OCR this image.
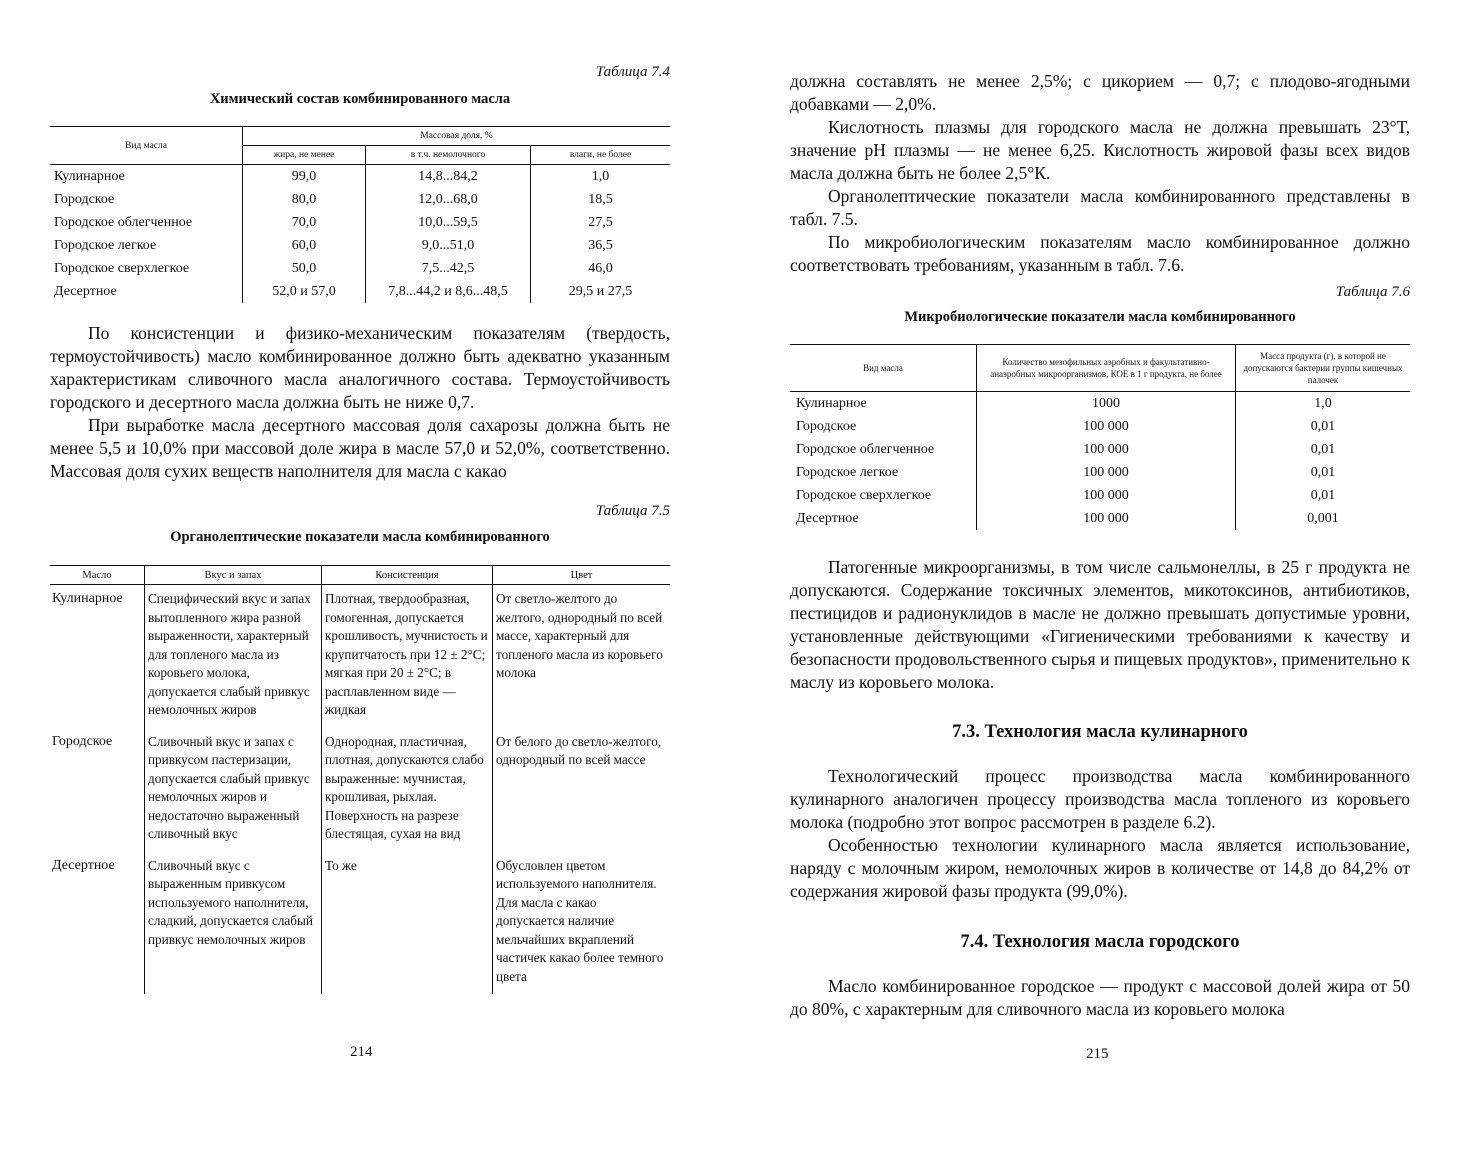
Таблица 7.4
Химический состав комбинированного масла
Вид масла	Массовая доля, %		
	жира, не менее	в т.ч. немолочного	влаги, не более
Кулинарное	99,0	14,8...84,2	1,0
Городское	80,0	12,0...68,0	18,5
Городское облегченное	70,0	10,0...59,5	27,5
Городское легкое	60,0	9,0...51,0	36,5
Городское сверхлегкое	50,0	7,5...42,5	46,0
Десертное	52,0 и 57,0	7,8...44,2 и 8,6...48,5	29,5 и 27,5

По консистенции и физико-механическим показателям (твердость, термоустойчивость) масло комбинированное должно быть адекватно указанным характеристикам сливочного масла аналогичного состава. Термоустойчивость городского и десертного масла должна быть не ниже 0,7.

При выработке масла десертного массовая доля сахарозы должна быть не менее 5,5 и 10,0% при массовой доле жира в масле 57,0 и 52,0%, соответственно. Массовая доля сухих веществ наполнителя для масла с какао

Таблица 7.5
Органолептические показатели масла комбинированного
Масло	Вкус и запах	Консистенция	Цвет
Кулинарное	Специфический вкус и запах вытопленного жира разной выраженности, характерный для топленого масла из коровьего молока, допускается слабый привкус немолочных жиров	Плотная, твердообразная, гомогенная, допускается крошливость, мучнистость и крупитчатость при 12 ± 2°С; мягкая при 20 ± 2°С; в расплавленном виде — жидкая	От светло-желтого до желтого, однородный по всей массе, характерный для топленого масла из коровьего молока
Городское	Сливочный вкус и запах с привкусом пастеризации, допускается слабый привкус немолочных жиров и недостаточно выраженный сливочный вкус	Однородная, пластичная, плотная, допускаются слабо выраженные: мучнистая, крошливая, рыхлая. Поверхность на разрезе блестящая, сухая на вид	От белого до светло-желтого, однородный по всей массе
Десертное	Сливочный вкус с выраженным привкусом используемого наполнителя, сладкий, допускается слабый привкус немолочных жиров	То же	Обусловлен цветом используемого наполнителя. Для масла с какао допускается наличие мельчайших вкраплений частичек какао более темного цвета
214

должна составлять не менее 2,5%; с цикорием — 0,7; с плодово-ягодными добавками — 2,0%.

Кислотность плазмы для городского масла не должна превышать 23°Т, значение рН плазмы — не менее 6,25. Кислотность жировой фазы всех видов масла должна быть не более 2,5°К.

Органолептические показатели масла комбинированного представлены в табл. 7.5.

По микробиологическим показателям масло комбинированное должно соответствовать требованиям, указанным в табл. 7.6.

Таблица 7.6
Микробиологические показатели масла комбинированного
Вид масла	Количество мезофильных аэробных и факультативно-анаэробных микроорганизмов, КОЕ в 1 г продукта, не более	Масса продукта (г), в которой не допускаются бактерии группы кишечных палочек
Кулинарное	1000	1,0
Городское	100 000	0,01
Городское облегченное	100 000	0,01
Городское легкое	100 000	0,01
Городское сверхлегкое	100 000	0,01
Десертное	100 000	0,001

Патогенные микроорганизмы, в том числе сальмонеллы, в 25 г продукта не допускаются. Содержание токсичных элементов, микотоксинов, антибиотиков, пестицидов и радионуклидов в масле не должно превышать допустимые уровни, установленные действующими «Гигиеническими требованиями к качеству и безопасности продовольственного сырья и пищевых продуктов», применительно к маслу из коровьего молока.

7.3. Технология масла кулинарного

Технологический процесс производства масла комбинированного кулинарного аналогичен процессу производства масла топленого из коровьего молока (подробно этот вопрос рассмотрен в разделе 6.2).

Особенностью технологии кулинарного масла является использование, наряду с молочным жиром, немолочных жиров в количестве от 14,8 до 84,2% от содержания жировой фазы продукта (99,0%).

7.4. Технология масла городского

Масло комбинированное городское — продукт с массовой долей жира от 50 до 80%, с характерным для сливочного масла из коровьего молока

215
